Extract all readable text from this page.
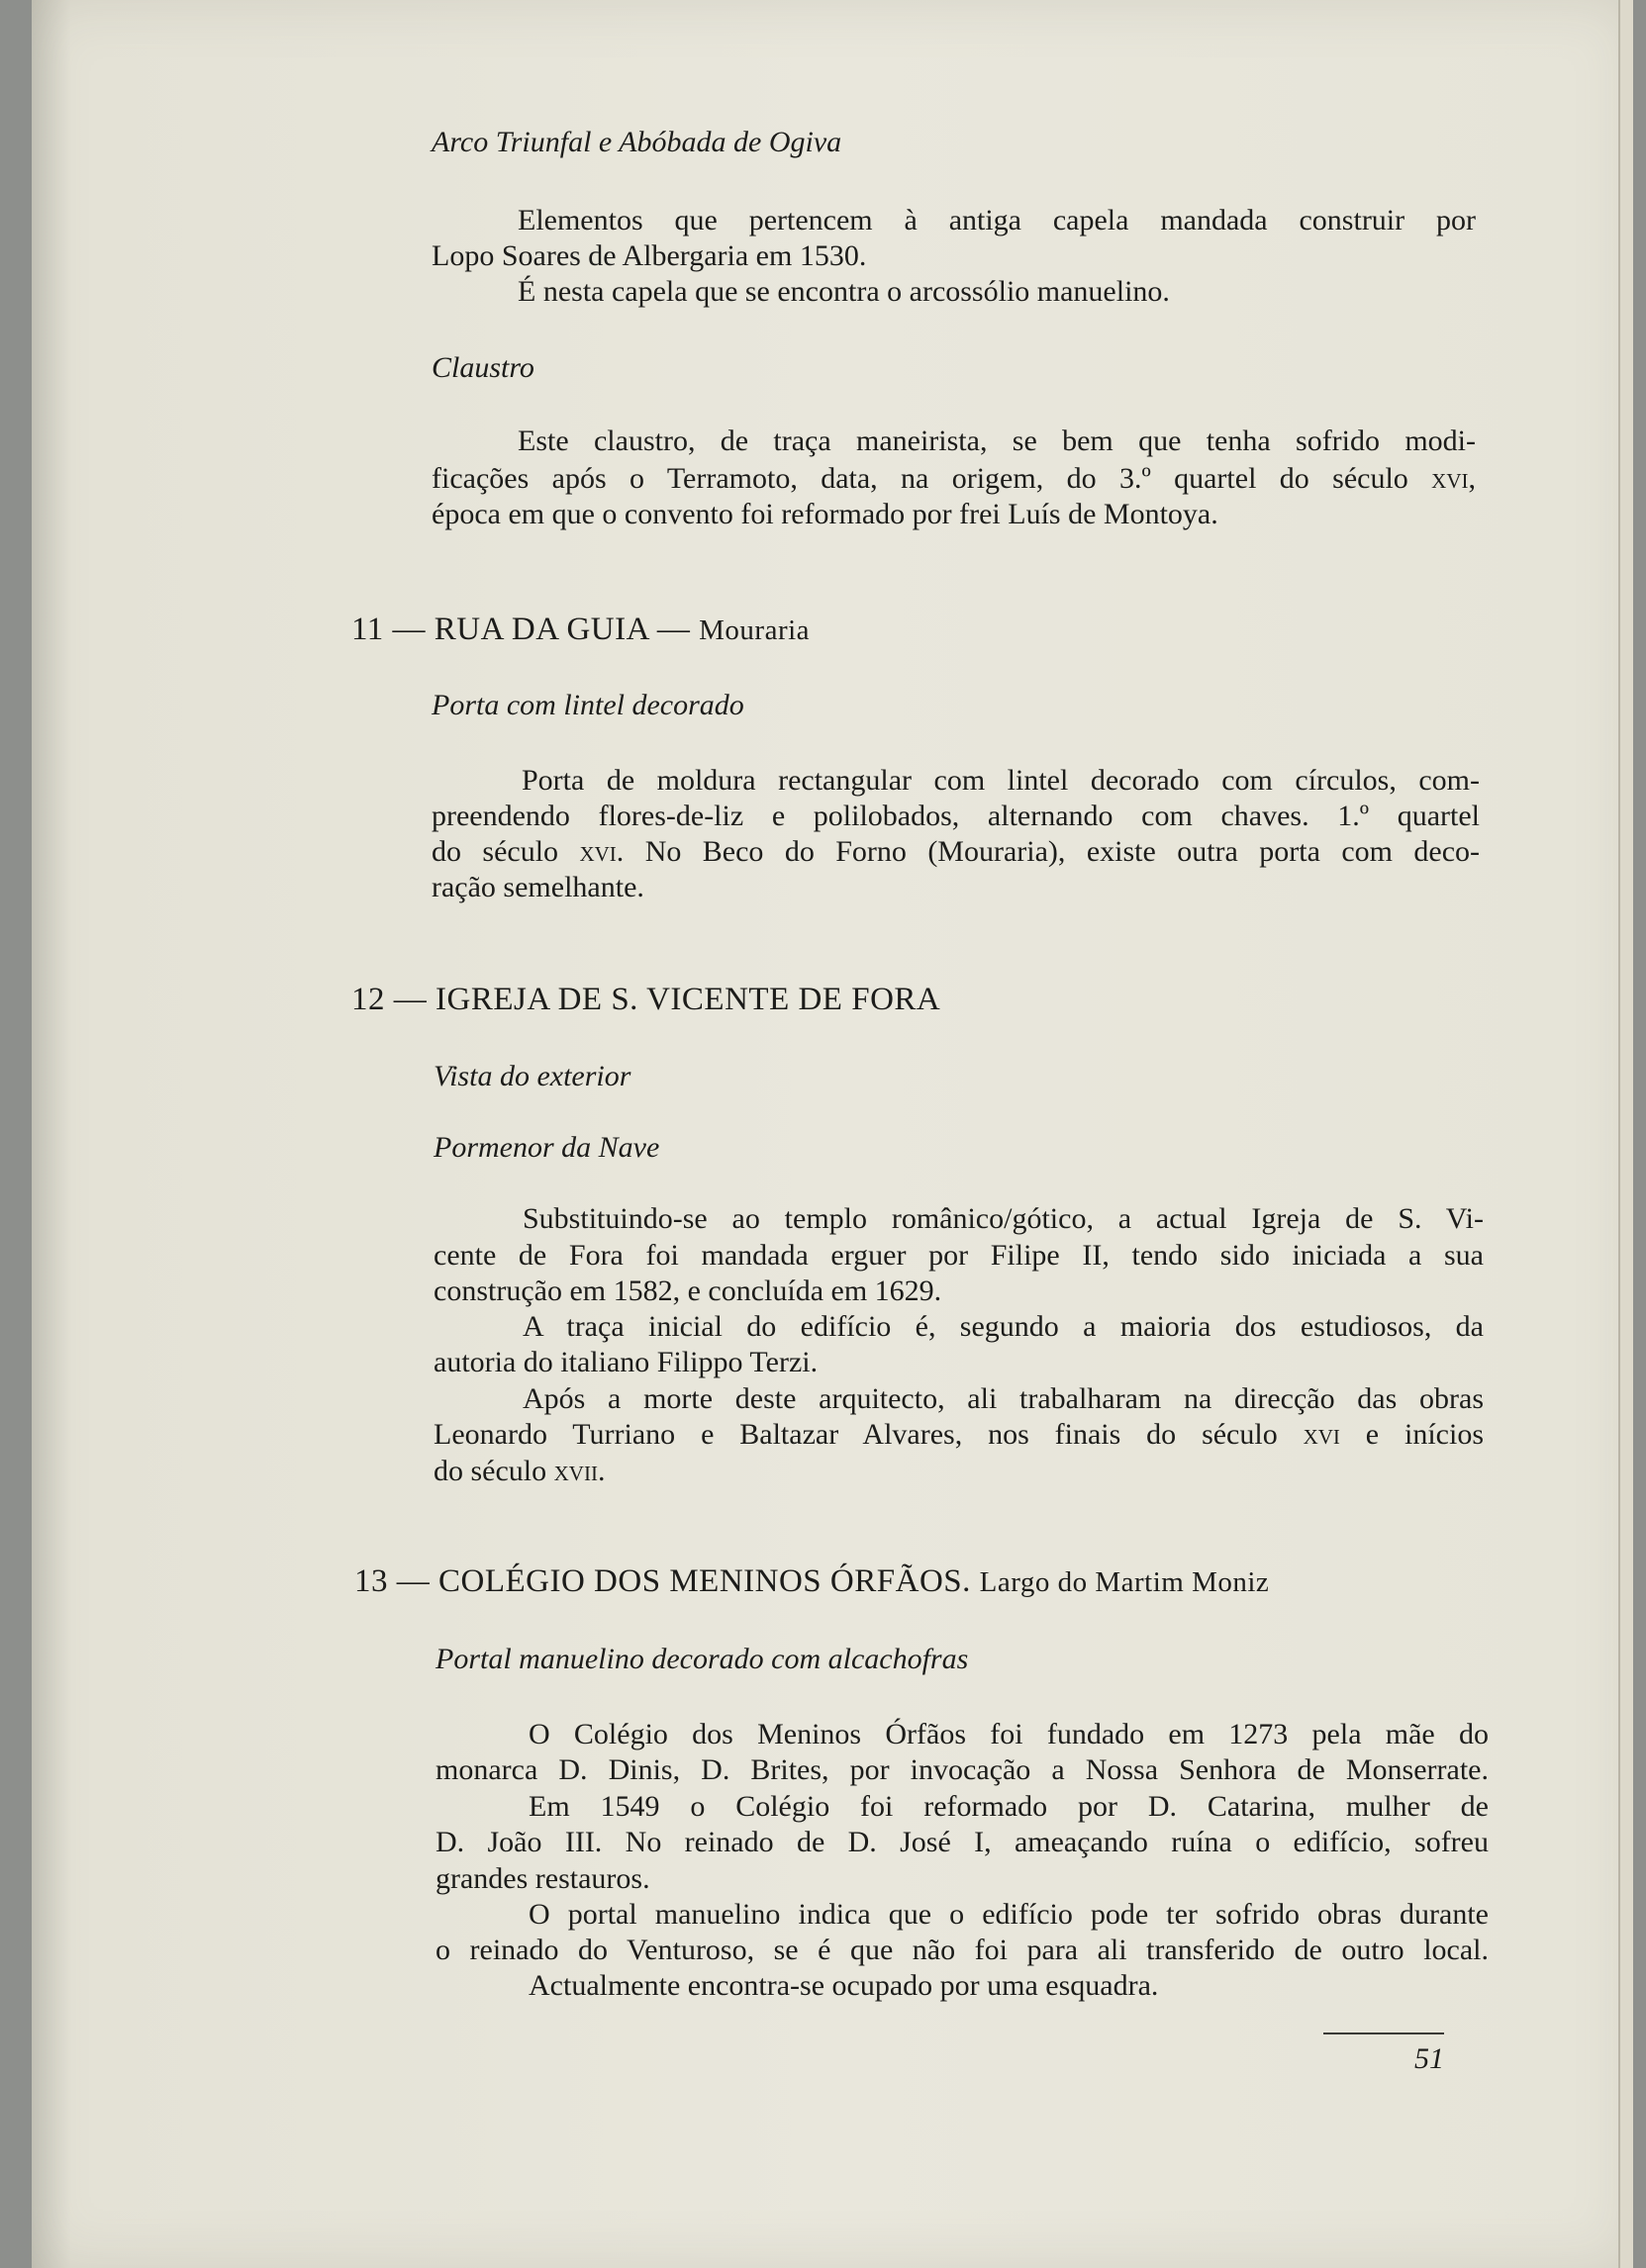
Arco Triunfal e Abóbada de Ogiva
Elementos que pertencem à antiga capela mandada construir por
Lopo Soares de Albergaria em 1530.
É nesta capela que se encontra o arcossólio manuelino.
Claustro
Este claustro, de traça maneirista, se bem que tenha sofrido modi-
ficações após o Terramoto, data, na origem, do 3.º quartel do século xvi,
época em que o convento foi reformado por frei Luís de Montoya.
11 — RUA DA GUIA — Mouraria
Porta com lintel decorado
Porta de moldura rectangular com lintel decorado com círculos, com-
preendendo flores-de-liz e polilobados, alternando com chaves. 1.º quartel
do século xvi. No Beco do Forno (Mouraria), existe outra porta com deco-
ração semelhante.
12 — IGREJA DE S. VICENTE DE FORA
Vista do exterior
Pormenor da Nave
Substituindo-se ao templo românico/gótico, a actual Igreja de S. Vi-
cente de Fora foi mandada erguer por Filipe II, tendo sido iniciada a sua
construção em 1582, e concluída em 1629.
A traça inicial do edifício é, segundo a maioria dos estudiosos, da
autoria do italiano Filippo Terzi.
Após a morte deste arquitecto, ali trabalharam na direcção das obras
Leonardo Turriano e Baltazar Alvares, nos finais do século xvi e inícios
do século xvii.
13 — COLÉGIO DOS MENINOS ÓRFÃOS. Largo do Martim Moniz
Portal manuelino decorado com alcachofras
O Colégio dos Meninos Órfãos foi fundado em 1273 pela mãe do
monarca D. Dinis, D. Brites, por invocação a Nossa Senhora de Monserrate.
Em 1549 o Colégio foi reformado por D. Catarina, mulher de
D. João III. No reinado de D. José I, ameaçando ruína o edifício, sofreu
grandes restauros.
O portal manuelino indica que o edifício pode ter sofrido obras durante
o reinado do Venturoso, se é que não foi para ali transferido de outro local.
Actualmente encontra-se ocupado por uma esquadra.
51
